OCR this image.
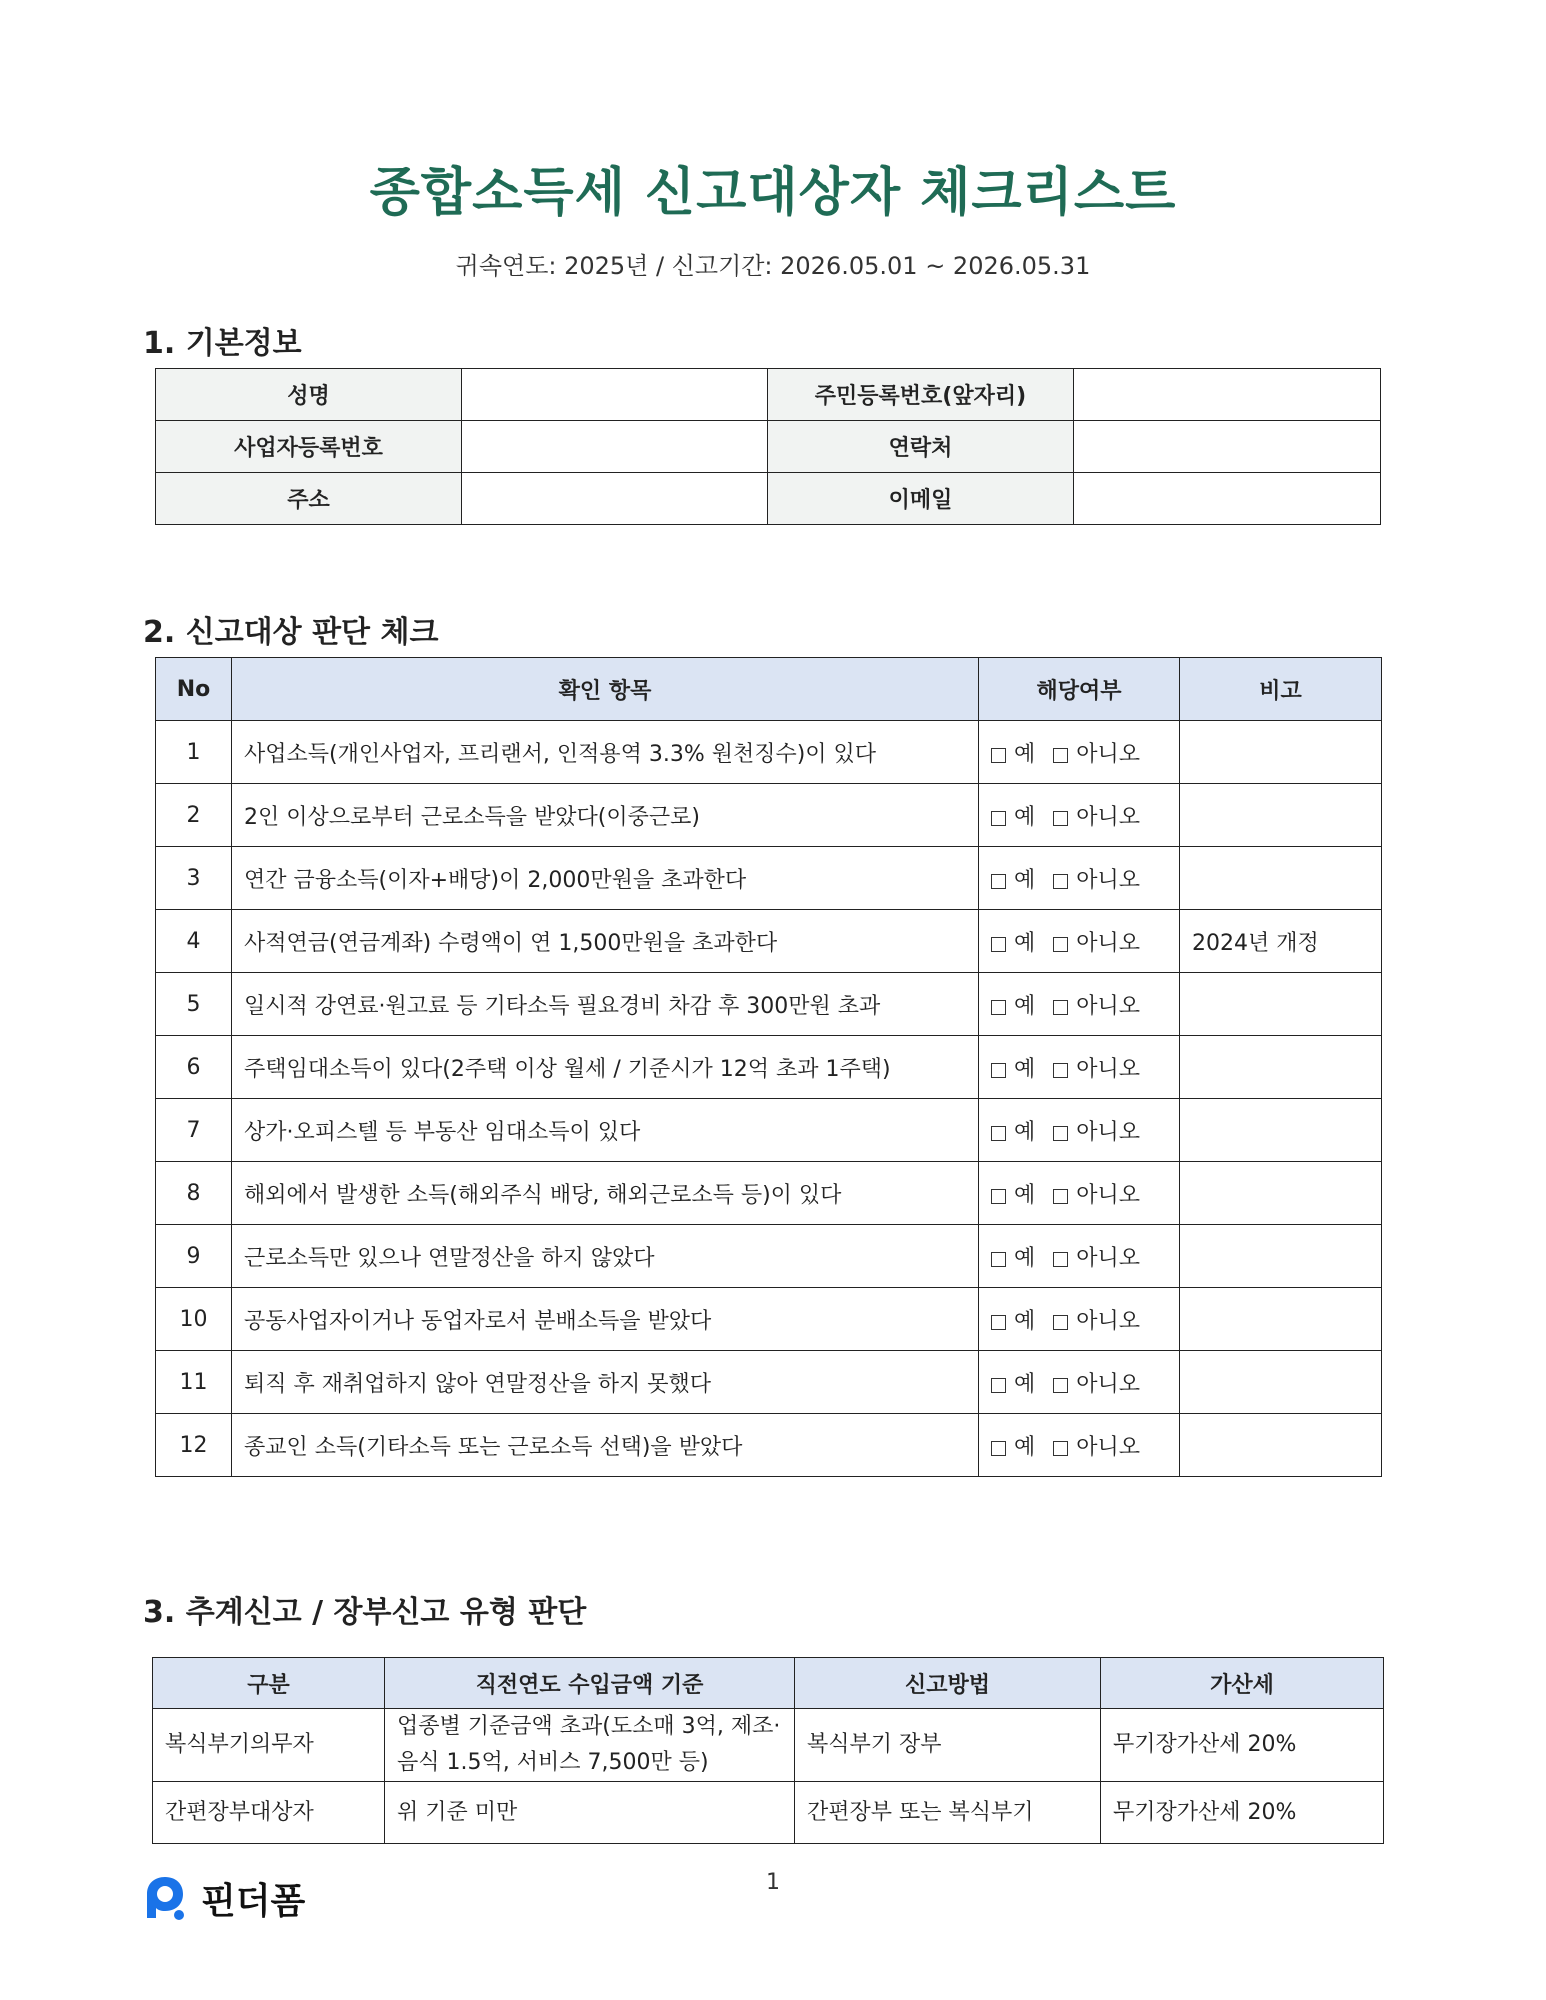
종합소득세 신고대상자 체크리스트
귀속연도: 2025년 / 신고기간: 2026.05.01 ~ 2026.05.31
1. 기본정보
성명		주민등록번호(앞자리)	
사업자등록번호		연락처	
주소		이메일	
2. 신고대상 판단 체크
No	확인 항목	해당여부	비고
1	사업소득(개인사업자, 프리랜서, 인적용역 3.3% 원천징수)이 있다	예 아니오	
2	2인 이상으로부터 근로소득을 받았다(이중근로)	예 아니오	
3	연간 금융소득(이자+배당)이 2,000만원을 초과한다	예 아니오	
4	사적연금(연금계좌) 수령액이 연 1,500만원을 초과한다	예 아니오	2024년 개정
5	일시적 강연료·원고료 등 기타소득 필요경비 차감 후 300만원 초과	예 아니오	
6	주택임대소득이 있다(2주택 이상 월세 / 기준시가 12억 초과 1주택)	예 아니오	
7	상가·오피스텔 등 부동산 임대소득이 있다	예 아니오	
8	해외에서 발생한 소득(해외주식 배당, 해외근로소득 등)이 있다	예 아니오	
9	근로소득만 있으나 연말정산을 하지 않았다	예 아니오	
10	공동사업자이거나 동업자로서 분배소득을 받았다	예 아니오	
11	퇴직 후 재취업하지 않아 연말정산을 하지 못했다	예 아니오	
12	종교인 소득(기타소득 또는 근로소득 선택)을 받았다	예 아니오	
3. 추계신고 / 장부신고 유형 판단
구분	직전연도 수입금액 기준	신고방법	가산세
복식부기의무자	업종별 기준금액 초과(도소매 3억, 제조·음식 1.5억, 서비스 7,500만 등)	복식부기 장부	무기장가산세 20%
간편장부대상자	위 기준 미만	간편장부 또는 복식부기	무기장가산세 20%
1
핀더폼
